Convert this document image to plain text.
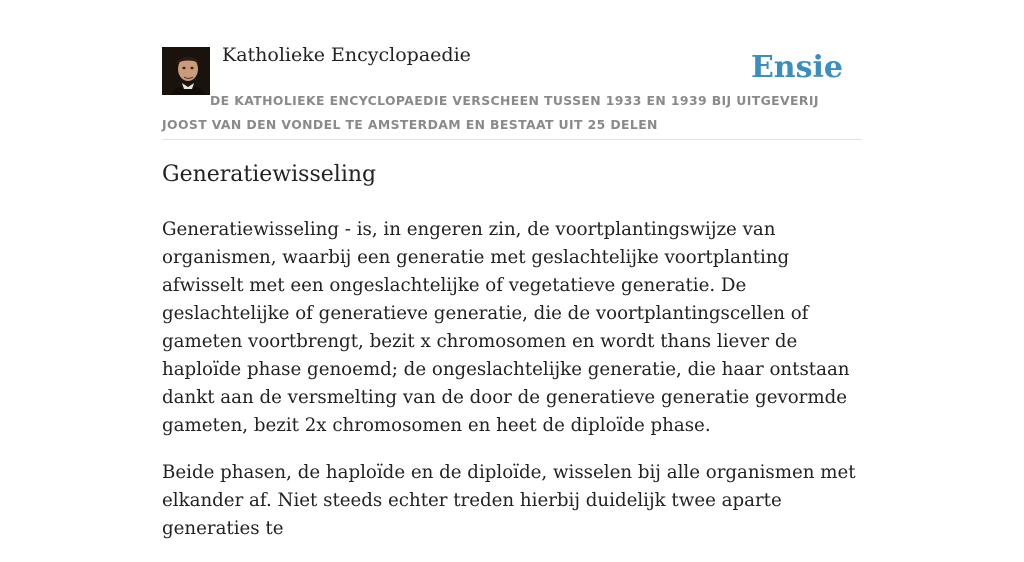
Katholieke Encyclopaedie	Ensie

DE KATHOLIEKE ENCYCLOPAEDIE VERSCHEEN TUSSEN 1933 EN 1939 BIJ UITGEVERIJ JOOST VAN DEN VONDEL TE AMSTERDAM EN BESTAAT UIT 25 DELEN

Generatiewisseling

Generatiewisseling - is, in engeren zin, de voortplantingswijze van organismen, waarbij een generatie met geslachtelijke voortplanting afwisselt met een ongeslachtelijke of vegetatieve generatie. De geslachtelijke of generatieve generatie, die de voortplantingscellen of gameten voortbrengt, bezit x chromosomen en wordt thans liever de haploïde phase genoemd; de ongeslachtelijke generatie, die haar ontstaan dankt aan de versmelting van de door de generatieve generatie gevormde gameten, bezit 2x chromosomen en heet de diploïde phase.

Beide phasen, de haploïde en de diploïde, wisselen bij alle organismen met elkander af. Niet steeds echter treden hierbij duidelijk twee aparte generaties te
